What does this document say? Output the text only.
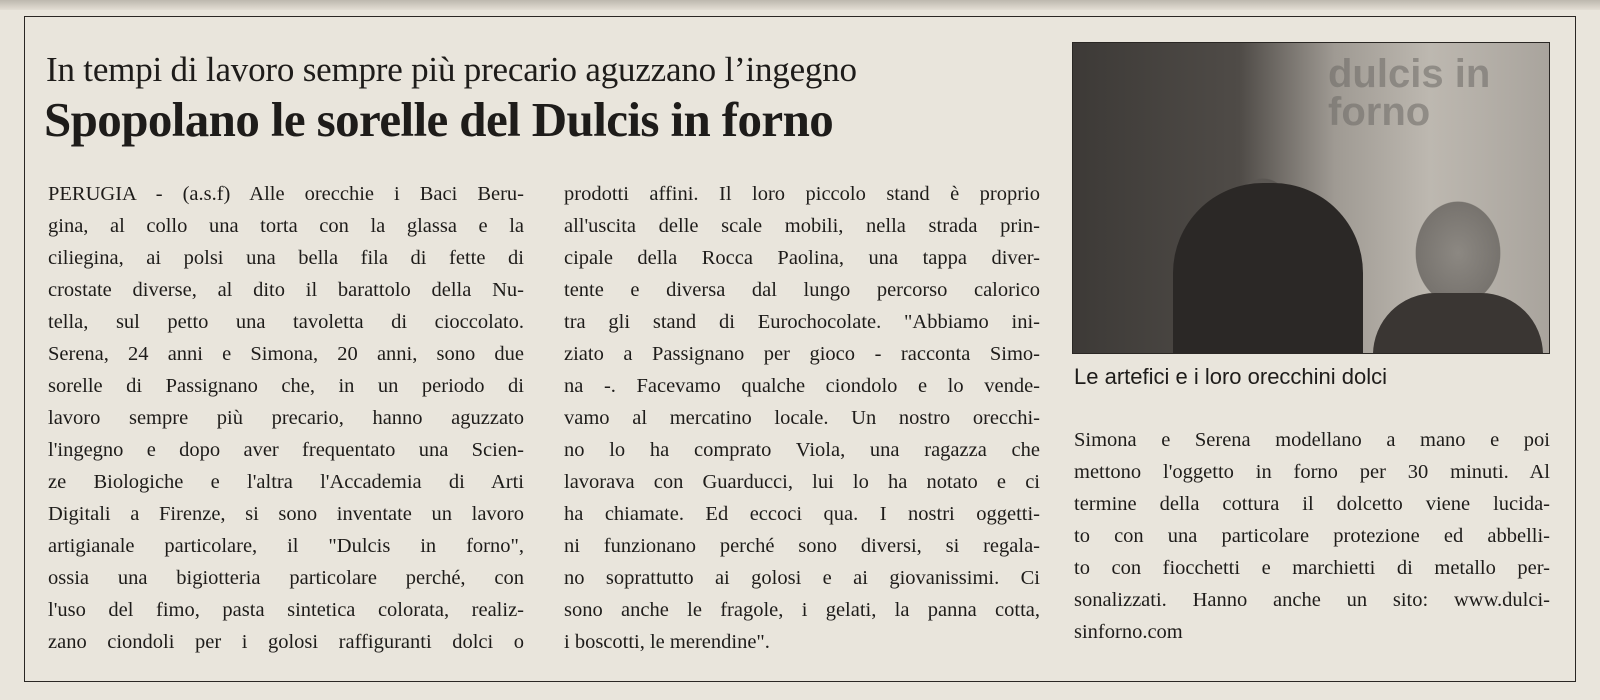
In tempi di lavoro sempre più precario aguzzano l’ingegno
Spopolano le sorelle del Dulcis in forno
PERUGIA - (a.s.f) Alle orecchie i Baci Beru-
gina, al collo una torta con la glassa e la
ciliegina, ai polsi una bella fila di fette di
crostate diverse, al dito il barattolo della Nu-
tella, sul petto una tavoletta di cioccolato.
Serena, 24 anni e Simona, 20 anni, sono due
sorelle di Passignano che, in un periodo di
lavoro sempre più precario, hanno aguzzato
l'ingegno e dopo aver frequentato una Scien-
ze Biologiche e l'altra l'Accademia di Arti
Digitali a Firenze, si sono inventate un lavoro
artigianale particolare, il "Dulcis in forno",
ossia una bigiotteria particolare perché, con
l'uso del fimo, pasta sintetica colorata, realiz-
zano ciondoli per i golosi raffiguranti dolci o
prodotti affini. Il loro piccolo stand è proprio
all'uscita delle scale mobili, nella strada prin-
cipale della Rocca Paolina, una tappa diver-
tente e diversa dal lungo percorso calorico
tra gli stand di Eurochocolate. "Abbiamo ini-
ziato a Passignano per gioco - racconta Simo-
na -. Facevamo qualche ciondolo e lo vende-
vamo al mercatino locale. Un nostro orecchi-
no lo ha comprato Viola, una ragazza che
lavorava con Guarducci, lui lo ha notato e ci
ha chiamate. Ed eccoci qua. I nostri oggetti-
ni funzionano perché sono diversi, si regala-
no soprattutto ai golosi e ai giovanissimi. Ci
sono anche le fragole, i gelati, la panna cotta,
i boscotti, le merendine".
dulcis in forno
Le artefici e i loro orecchini dolci
Simona e Serena modellano a mano e poi
mettono l'oggetto in forno per 30 minuti. Al
termine della cottura il dolcetto viene lucida-
to con una particolare protezione ed abbelli-
to con fiocchetti e marchietti di metallo per-
sonalizzati. Hanno anche un sito: www.dulci-
sinforno.com
